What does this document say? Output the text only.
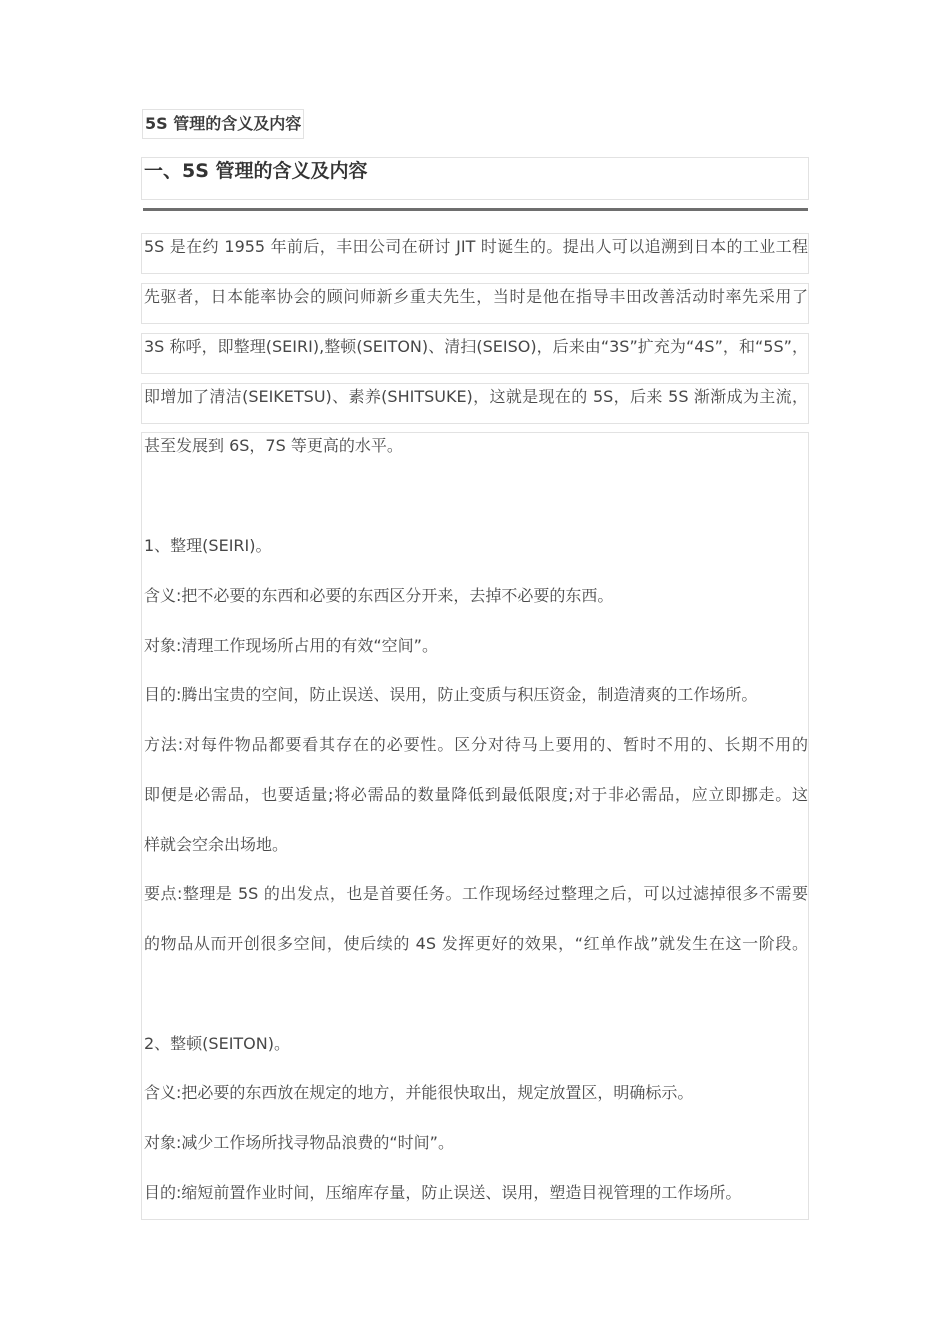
5S 管理的含义及内容
一、5S 管理的含义及内容
5S 是在约 1955 年前后，丰田公司在研讨 JIT 时诞生的。提出人可以追溯到日本的工业工程
先驱者，日本能率协会的顾问师新乡重夫先生，当时是他在指导丰田改善活动时率先采用了
3S 称呼，即整理(SEIRI),整顿(SEITON)、清扫(SEISO)，后来由“3S”扩充为“4S”，和“5S”，
即增加了清洁(SEIKETSU)、素养(SHITSUKE)，这就是现在的 5S，后来 5S 渐渐成为主流，
甚至发展到 6S，7S 等更高的水平。
1、整理(SEIRI)。
含义:把不必要的东西和必要的东西区分开来，去掉不必要的东西。
对象:清理工作现场所占用的有效“空间”。
目的:腾出宝贵的空间，防止误送、误用，防止变质与积压资金，制造清爽的工作场所。
方法:对每件物品都要看其存在的必要性。区分对待马上要用的、暂时不用的、长期不用的
即便是必需品，也要适量;将必需品的数量降低到最低限度;对于非必需品，应立即挪走。这
样就会空余出场地。
要点:整理是 5S 的出发点，也是首要任务。工作现场经过整理之后，可以过滤掉很多不需要
的物品从而开创很多空间，使后续的 4S 发挥更好的效果，“红单作战”就发生在这一阶段。
2、整顿(SEITON)。
含义:把必要的东西放在规定的地方，并能很快取出，规定放置区，明确标示。
对象:减少工作场所找寻物品浪费的“时间”。
目的:缩短前置作业时间，压缩库存量，防止误送、误用，塑造目视管理的工作场所。
